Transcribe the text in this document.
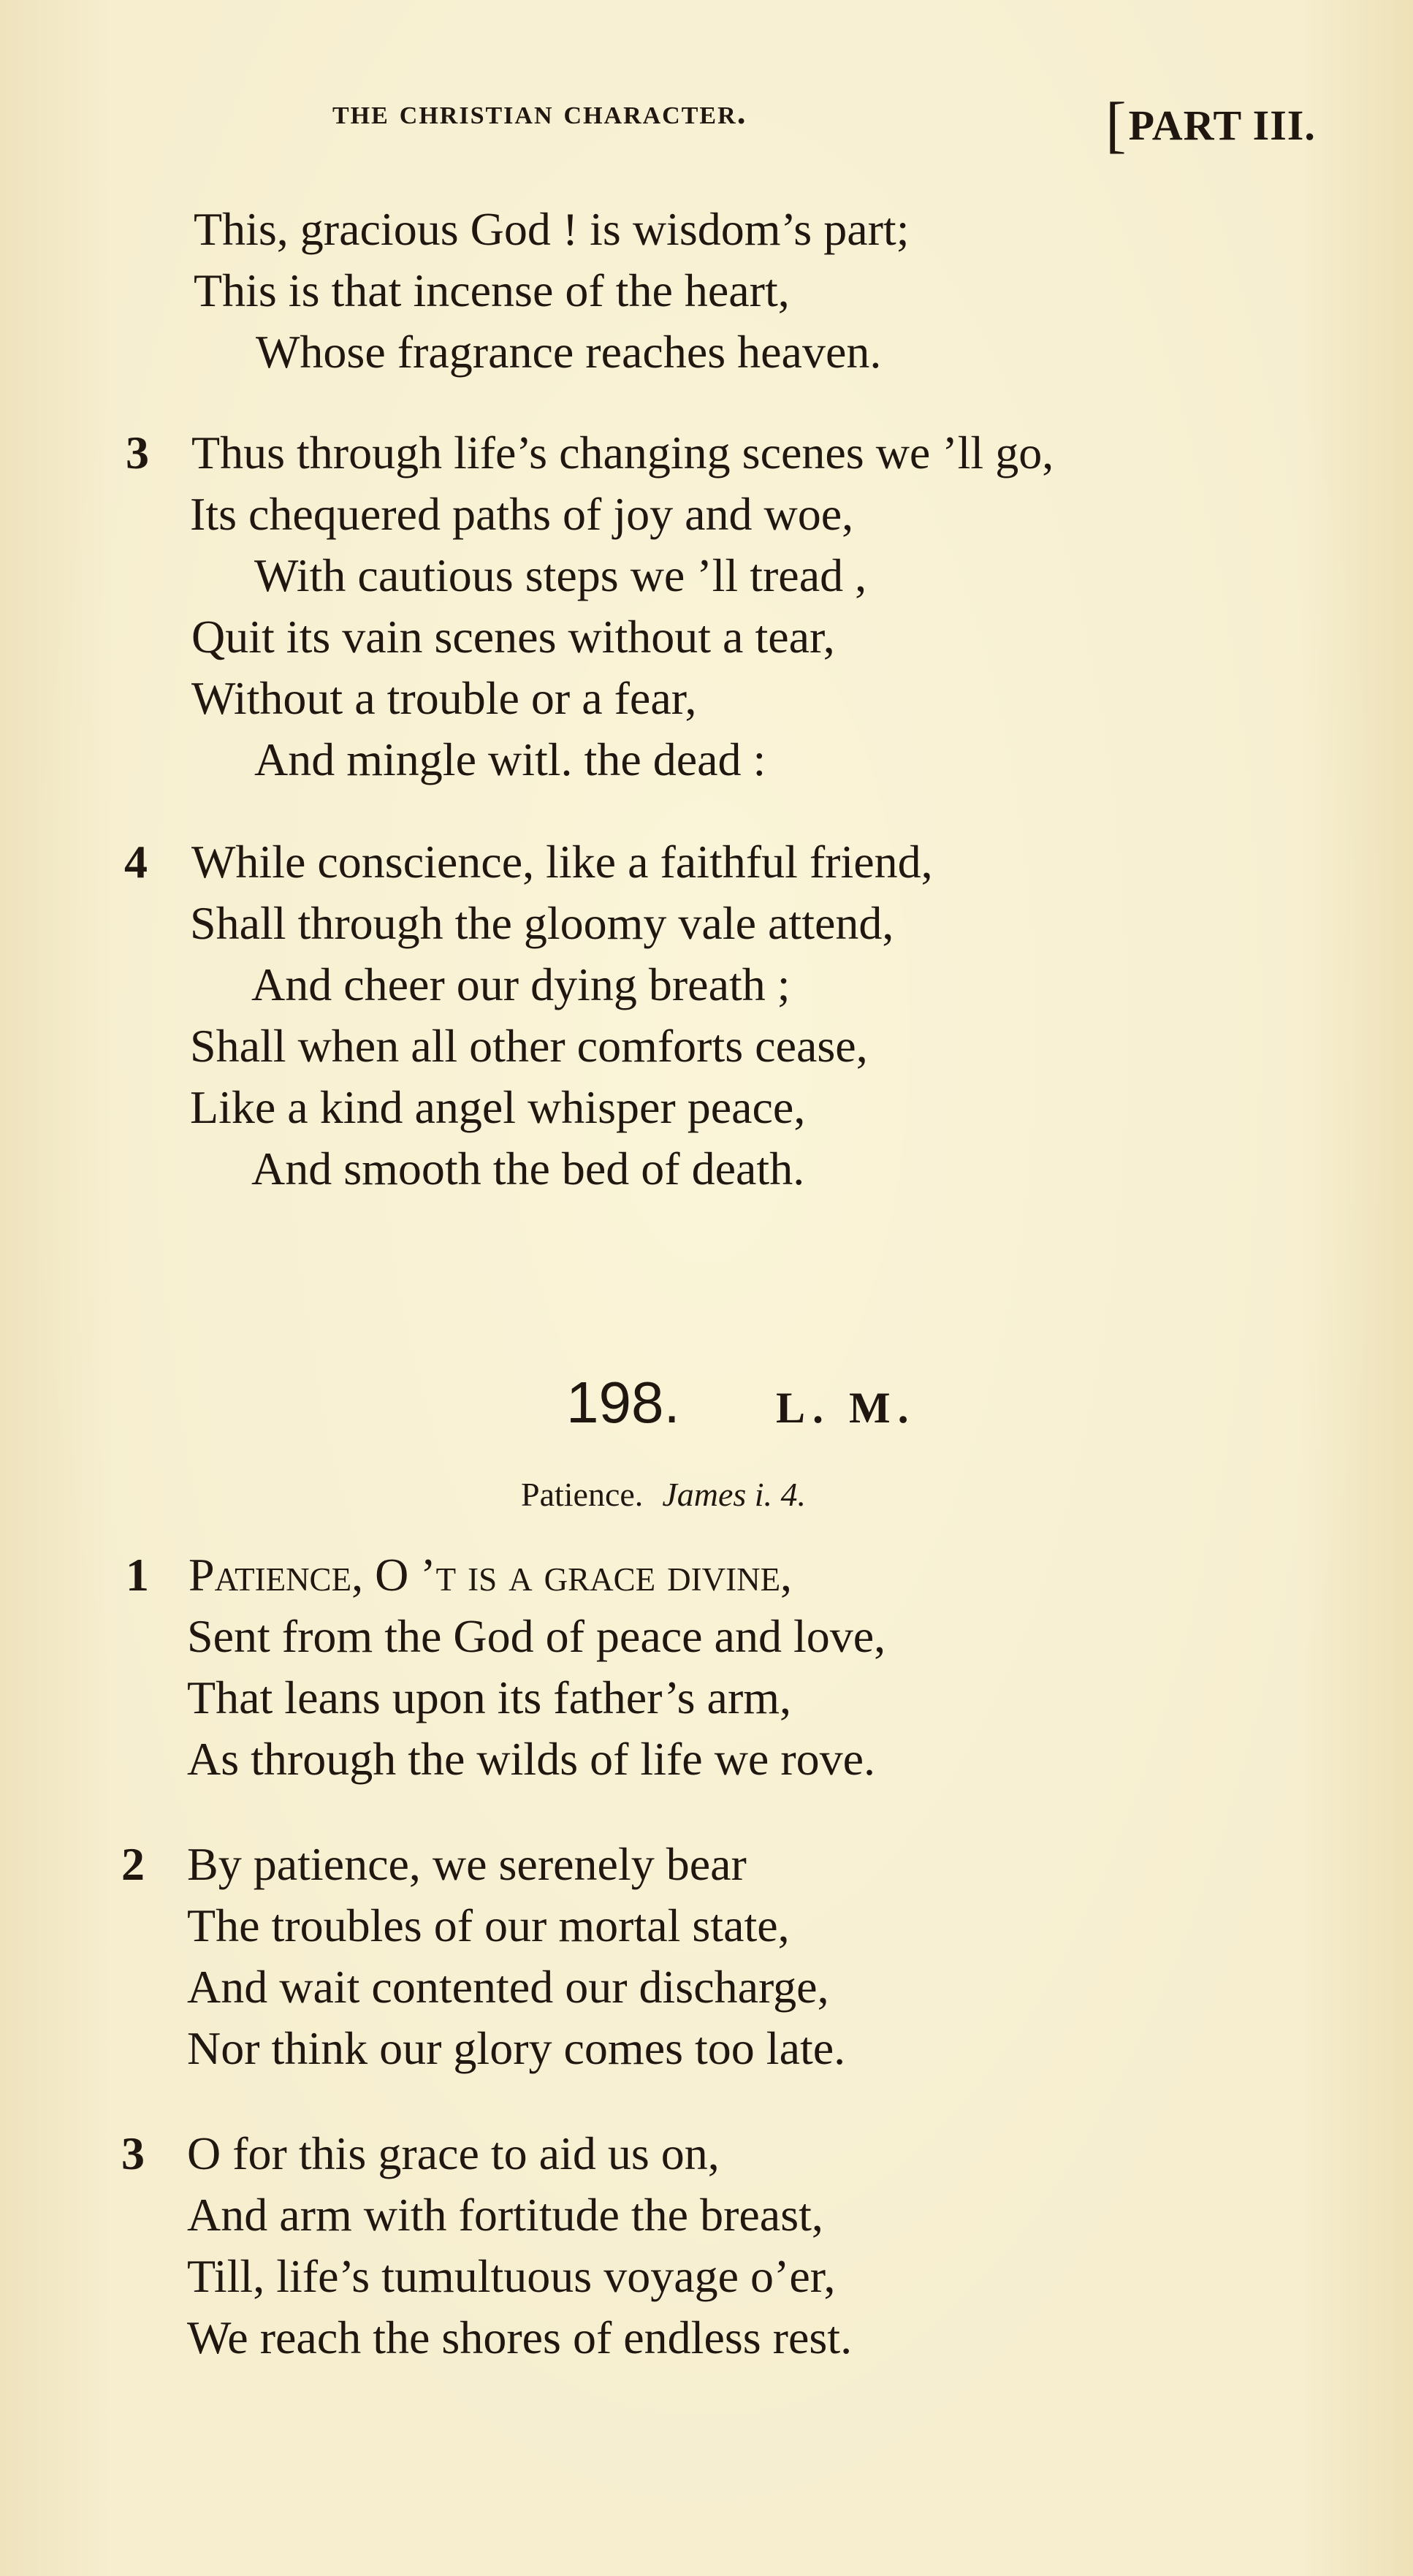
the christian character.	[PART III.
This, gracious God ! is wisdom’s part;
This is that incense of the heart,
Whose fragrance reaches heaven.
3 Thus through life’s changing scenes we ’ll go,
Its chequered paths of joy and woe,
With cautious steps we ’ll tread ,
Quit its vain scenes without a tear,
Without a trouble or a fear,
And mingle witl. the dead :
4 While conscience, like a faithful friend,
Shall through the gloomy vale attend,
And cheer our dying breath ;
Shall when all other comforts cease,
Like a kind angel whisper peace,
And smooth the bed of death.
198. L. M.
Patience. James i. 4.
1 Patience, O ’t is a grace divine,
Sent from the God of peace and love,
That leans upon its father’s arm,
As through the wilds of life we rove.
2 By patience, we serenely bear
The troubles of our mortal state,
And wait contented our discharge,
Nor think our glory comes too late.
3 O for this grace to aid us on,
And arm with fortitude the breast,
Till, life’s tumultuous voyage o’er,
We reach the shores of endless rest.
